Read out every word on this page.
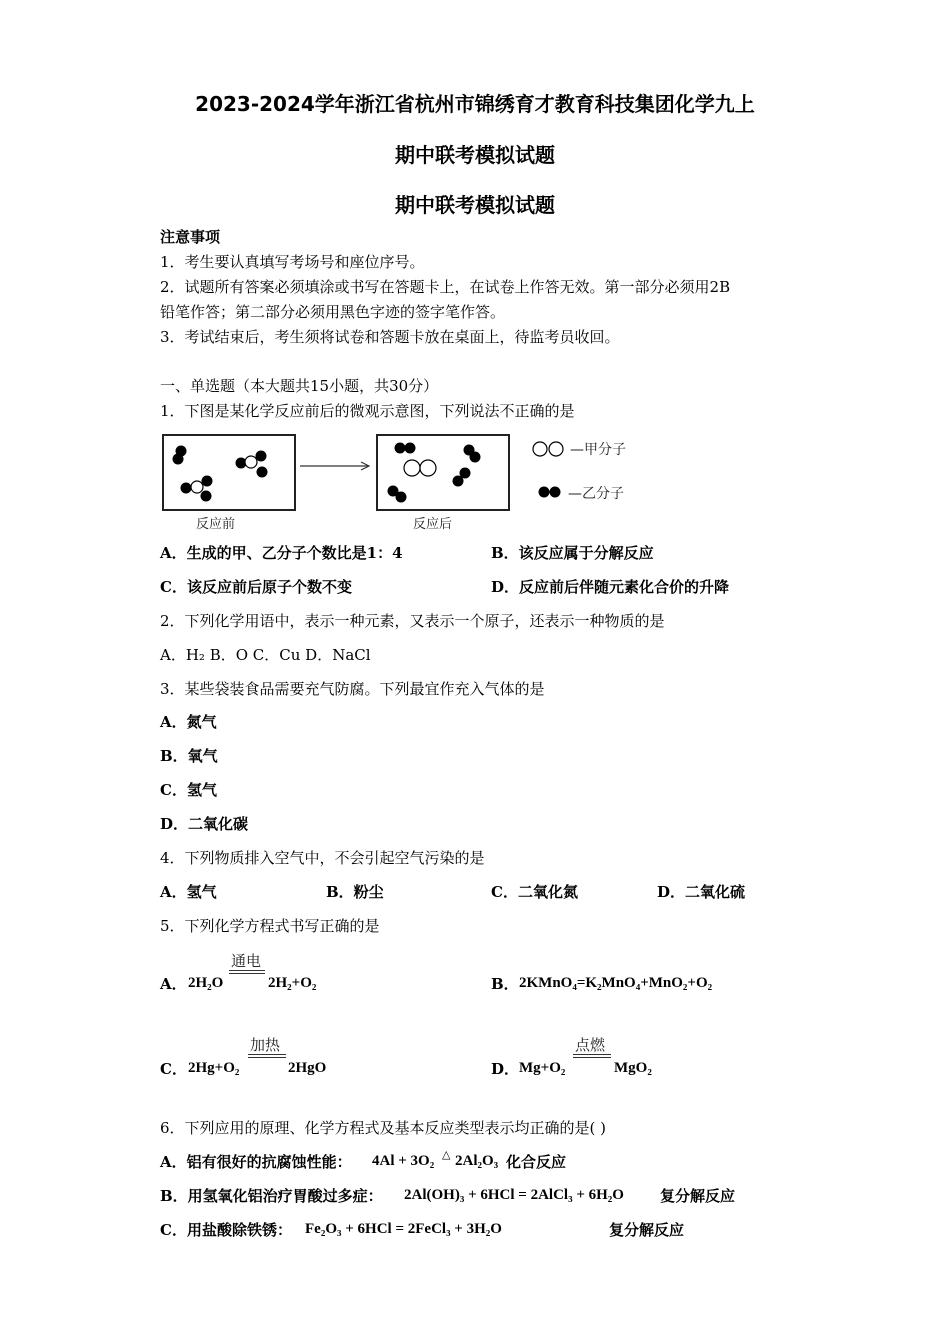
2023-2024学年浙江省杭州市锦绣育才教育科技集团化学九上
期中联考模拟试题
期中联考模拟试题
注意事项
1．考生要认真填写考场号和座位序号。
2．试题所有答案必须填涂或书写在答题卡上，在试卷上作答无效。第一部分必须用2B
铅笔作答；第二部分必须用黑色字迹的签字笔作答。
3．考试结束后，考生须将试卷和答题卡放在桌面上，待监考员收回。
一、单选题（本大题共15小题，共30分）
1．下图是某化学反应前后的微观示意图，下列说法不正确的是
反应前	反应后
—甲分子
—乙分子
A．生成的甲、乙分子个数比是1：4	B．该反应属于分解反应
C．该反应前后原子个数不变	D．反应前后伴随元素化合价的升降
2．下列化学用语中，表示一种元素，又表示一个原子，还表示一种物质的是
A．H₂ B．O C．Cu D．NaCl
3．某些袋装食品需要充气防腐。下列最宜作充入气体的是
A．氮气
B．氧气
C．氢气
D．二氧化碳
4．下列物质排入空气中，不会引起空气污染的是
A．氢气	B．粉尘	C．二氧化氮	D．二氧化硫
5．下列化学方程式书写正确的是
A． 2H₂O
通电
2H₂+O₂	B． 2KMnO₄=K₂MnO₄+MnO₂+O₂
C． 2Hg+O₂
加热
2HgO	D． Mg+O₂
点燃
MgO₂
6．下列应用的原理、化学方程式及基本反应类型表示均正确的是( )
A．铝有很好的抗腐蚀性能： 4Al + 3O₂ △ 2Al₂O₃ 化合反应
B．用氢氧化铝治疗胃酸过多症： 2Al(OH)₃ + 6HCl = 2AlCl₃ + 6H₂O 复分解反应
C．用盐酸除铁锈： Fe₂O₃ + 6HCl = 2FeCl₃ + 3H₂O	复分解反应
